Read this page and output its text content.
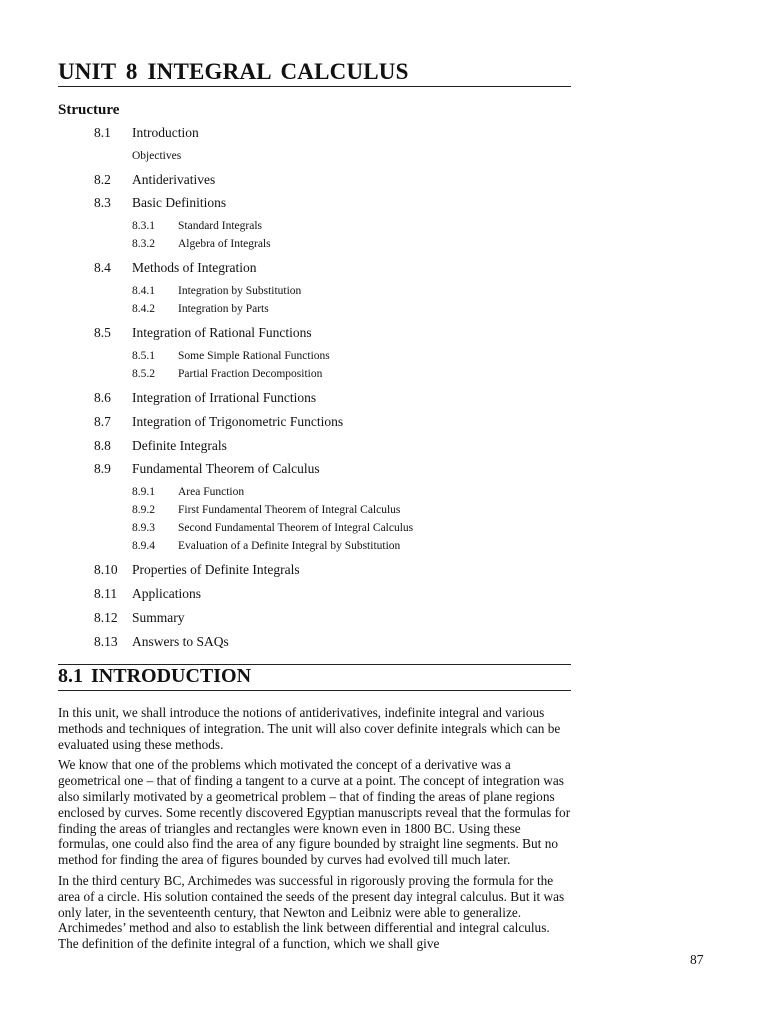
UNIT 8 INTEGRAL CALCULUS
Structure
8.1 Introduction
Objectives
8.2 Antiderivatives
8.3 Basic Definitions
8.3.1 Standard Integrals
8.3.2 Algebra of Integrals
8.4 Methods of Integration
8.4.1 Integration by Substitution
8.4.2 Integration by Parts
8.5 Integration of Rational Functions
8.5.1 Some Simple Rational Functions
8.5.2 Partial Fraction Decomposition
8.6 Integration of Irrational Functions
8.7 Integration of Trigonometric Functions
8.8 Definite Integrals
8.9 Fundamental Theorem of Calculus
8.9.1 Area Function
8.9.2 First Fundamental Theorem of Integral Calculus
8.9.3 Second Fundamental Theorem of Integral Calculus
8.9.4 Evaluation of a Definite Integral by Substitution
8.10 Properties of Definite Integrals
8.11 Applications
8.12 Summary
8.13 Answers to SAQs
8.1 INTRODUCTION

In this unit, we shall introduce the notions of antiderivatives, indefinite integral and various methods and techniques of integration. The unit will also cover definite integrals which can be evaluated using these methods.

We know that one of the problems which motivated the concept of a derivative was a geometrical one – that of finding a tangent to a curve at a point. The concept of integration was also similarly motivated by a geometrical problem – that of finding the areas of plane regions enclosed by curves. Some recently discovered Egyptian manuscripts reveal that the formulas for finding the areas of triangles and rectangles were known even in 1800 BC. Using these formulas, one could also find the area of any figure bounded by straight line segments. But no method for finding the area of figures bounded by curves had evolved till much later.

In the third century BC, Archimedes was successful in rigorously proving the formula for the area of a circle. His solution contained the seeds of the present day integral calculus. But it was only later, in the seventeenth century, that Newton and Leibniz were able to generalize. Archimedes’ method and also to establish the link between differential and integral calculus. The definition of the definite integral of a function, which we shall give

87
